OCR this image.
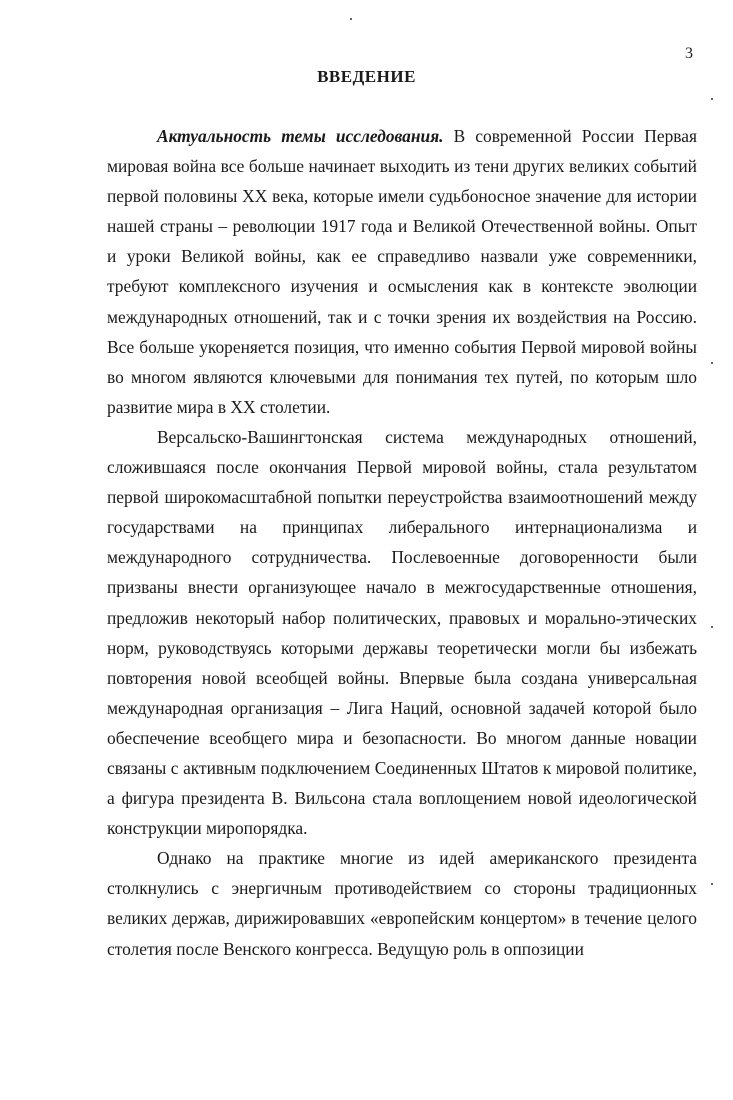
3
ВВЕДЕНИЕ

Актуальность темы исследования. В современной России Первая мировая война все больше начинает выходить из тени других великих событий первой половины XX века, которые имели судьбоносное значение для истории нашей страны – революции 1917 года и Великой Отечественной войны. Опыт и уроки Великой войны, как ее справедливо назвали уже современники, требуют комплексного изучения и осмысления как в контексте эволюции международных отношений, так и с точки зрения их воздействия на Россию. Все больше укореняется позиция, что именно события Первой мировой войны во многом являются ключевыми для понимания тех путей, по которым шло развитие мира в XX столетии.

Версальско-Вашингтонская система международных отношений, сложившаяся после окончания Первой мировой войны, стала результатом первой широкомасштабной попытки переустройства взаимоотношений между государствами на принципах либерального интернационализма и международного сотрудничества. Послевоенные договоренности были призваны внести организующее начало в межгосударственные отношения, предложив некоторый набор политических, правовых и морально-этических норм, руководствуясь которыми державы теоретически могли бы избежать повторения новой всеобщей войны. Впервые была создана универсальная международная организация – Лига Наций, основной задачей которой было обеспечение всеобщего мира и безопасности. Во многом данные новации связаны с активным подключением Соединенных Штатов к мировой политике, а фигура президента В. Вильсона стала воплощением новой идеологической конструкции миропорядка.

Однако на практике многие из идей американского президента столкнулись с энергичным противодействием со стороны традиционных великих держав, дирижировавших «европейским концертом» в течение целого столетия после Венского конгресса. Ведущую роль в оппозиции
